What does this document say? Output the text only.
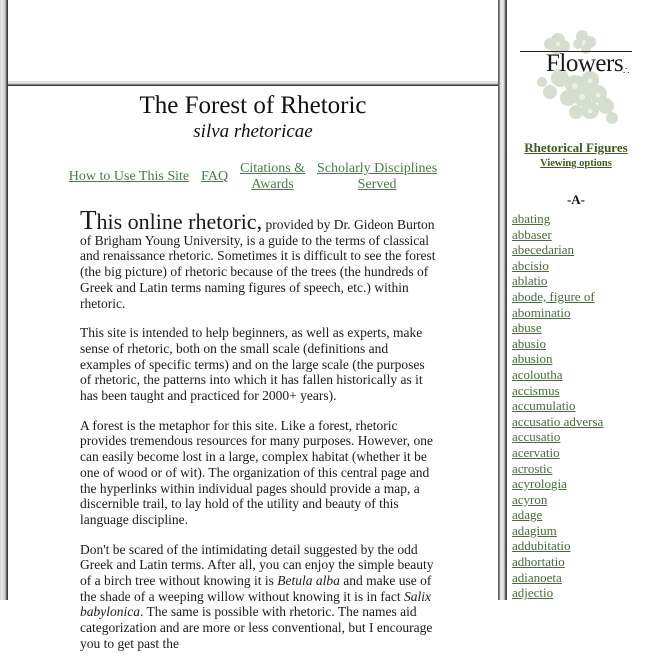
The Forest of Rhetoric
silva rhetoricae
How to Use This Site	FAQ	Citations &
Awards	Scholarly Disciplines
Served

This online rhetoric, provided by Dr. Gideon Burton of Brigham Young University, is a guide to the terms of classical and renaissance rhetoric. Sometimes it is difficult to see the forest (the big picture) of rhetoric because of the trees (the hundreds of Greek and Latin terms naming figures of speech, etc.) within rhetoric.

This site is intended to help beginners, as well as experts, make sense of rhetoric, both on the small scale (definitions and examples of specific terms) and on the large scale (the purposes of rhetoric, the patterns into which it has fallen historically as it has been taught and practiced for 2000+ years).

A forest is the metaphor for this site. Like a forest, rhetoric provides tremendous resources for many purposes. However, one can easily become lost in a large, complex habitat (whether it be one of wood or of wit). The organization of this central page and the hyperlinks within individual pages should provide a map, a discernible trail, to lay hold of the utility and beauty of this language discipline.

Don't be scared of the intimidating detail suggested by the odd Greek and Latin terms. After all, you can enjoy the simple beauty of a birch tree without knowing it is Betula alba and make use of the shade of a weeping willow without knowing it is in fact Salix babylonica. The same is possible with rhetoric. The names aid categorization and are more or less conventional, but I encourage you to get past the

Flowers ∴
Rhetorical Figures
Viewing options
-A-
abating
abbaser
abecedarian
abcisio
ablatio
abode, figure of
abominatio
abuse
abusio
abusion
acoloutha
accismus
accumulatio
accusatio adversa
accusatio
acervatio
acrostic
acyrologia
acyron
adage
adagium
addubitatio
adhortatio
adianoeta
adjectio
